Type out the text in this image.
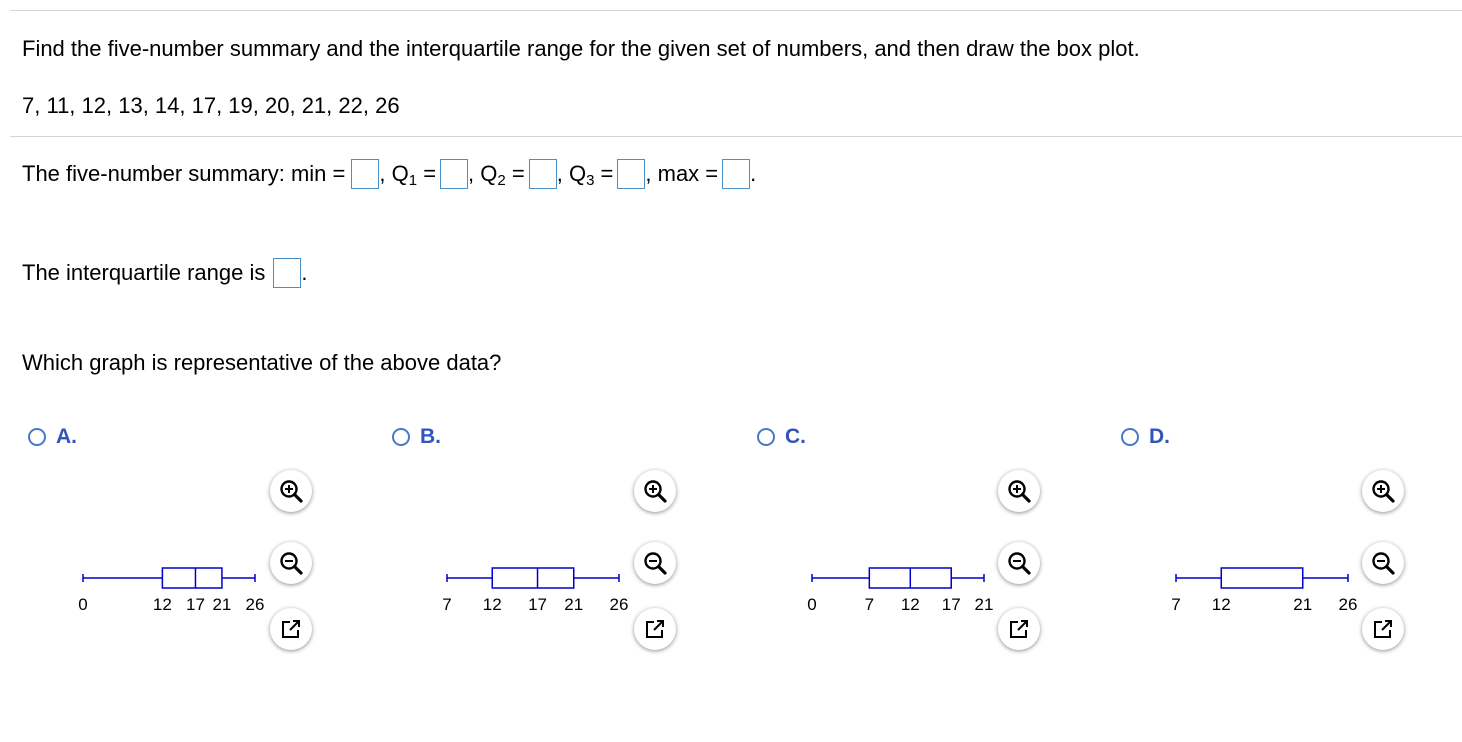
Find the five-number summary and the interquartile range for the given set of numbers, and then draw the box plot.
7, 11, 12, 13, 14, 17, 19, 20, 21, 22, 26
The five-number summary: min = , $Q_1$ = , $Q_2$ = , $Q_3$ = , max = .
The interquartile range is .
Which graph is representative of the above data?
A.
0	12 17 21 26
B.
7 12 17 21 26
C.
0	7 12 17 21
D.
7 12	21 26
